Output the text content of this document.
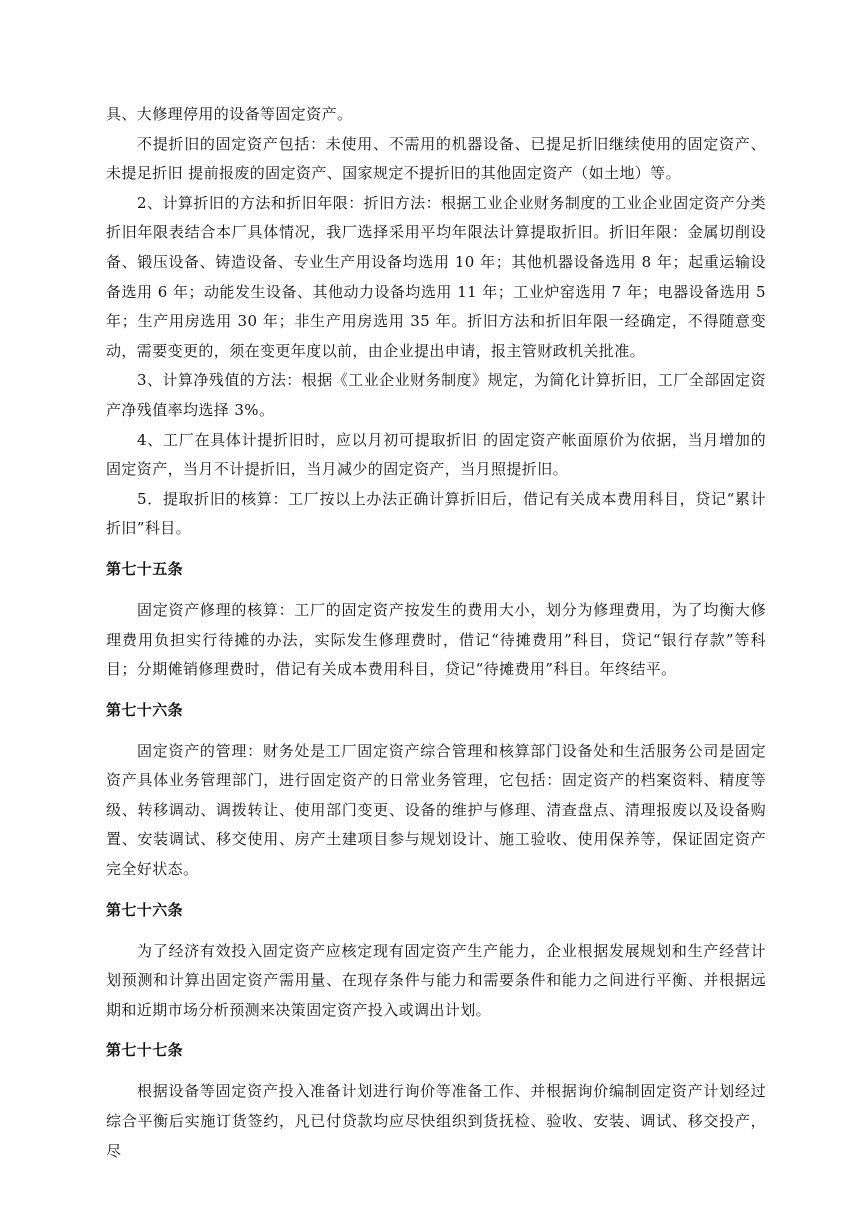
具、大修理停用的设备等固定资产。

不提折旧的固定资产包括：未使用、不需用的机器设备、已提足折旧继续使用的固定资产、未提足折旧 提前报废的固定资产、国家规定不提折旧的其他固定资产（如土地）等。

2、计算折旧的方法和折旧年限：折旧方法：根据工业企业财务制度的工业企业固定资产分类折旧年限表结合本厂具体情况，我厂选择采用平均年限法计算提取折旧。折旧年限：金属切削设备、锻压设备、铸造设备、专业生产用设备均选用 10 年；其他机器设备选用 8 年；起重运输设备选用 6 年；动能发生设备、其他动力设备均选用 11 年；工业炉窑选用 7 年；电器设备选用 5 年；生产用房选用 30 年；非生产用房选用 35 年。折旧方法和折旧年限一经确定，不得随意变动，需要变更的，须在变更年度以前，由企业提出申请，报主管财政机关批准。

3、计算净残值的方法：根据《工业企业财务制度》规定，为简化计算折旧，工厂全部固定资产净残值率均选择 3%。

4、工厂在具体计提折旧时，应以月初可提取折旧 的固定资产帐面原价为依据，当月增加的固定资产，当月不计提折旧，当月减少的固定资产，当月照提折旧。

5．提取折旧的核算：工厂按以上办法正确计算折旧后，借记有关成本费用科目，贷记“累计折旧”科目。

第七十五条

固定资产修理的核算：工厂的固定资产按发生的费用大小，划分为修理费用，为了均衡大修理费用负担实行待摊的办法，实际发生修理费时，借记“待摊费用”科目，贷记“银行存款”等科目；分期傩销修理费时，借记有关成本费用科目，贷记“待摊费用”科目。年终结平。

第七十六条

固定资产的管理：财务处是工厂固定资产综合管理和核算部门设备处和生活服务公司是固定资产具体业务管理部门，进行固定资产的日常业务管理，它包括：固定资产的档案资料、精度等级、转移调动、调拨转让、使用部门变更、设备的维护与修理、清查盘点、清理报废以及设备购置、安装调试、移交使用、房产土建项目参与规划设计、施工验收、使用保养等，保证固定资产完全好状态。

第七十六条

为了经济有效投入固定资产应核定现有固定资产生产能力，企业根据发展规划和生产经营计划预测和计算出固定资产需用量、在现存条件与能力和需要条件和能力之间进行平衡、并根据远期和近期市场分析预测来决策固定资产投入或调出计划。

第七十七条

根据设备等固定资产投入准备计划进行询价等准备工作、并根据询价编制固定资产计划经过综合平衡后实施订货签约，凡已付贷款均应尽快组织到货抚检、验收、安装、调试、移交投产，尽
